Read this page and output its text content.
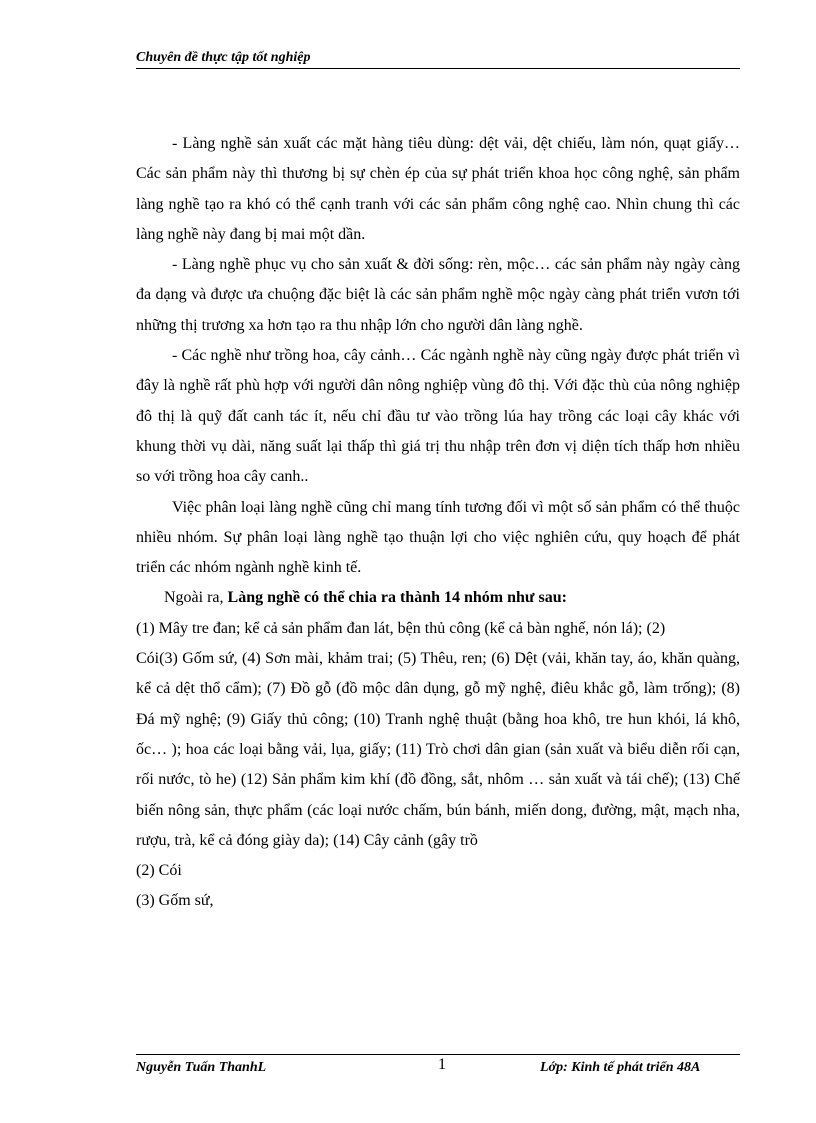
Chuyên đề thực tập tốt nghiệp

- Làng nghề sản xuất các mặt hàng tiêu dùng: dệt vải, dệt chiếu, làm nón, quạt giấy… Các sản phẩm này thì thương bị sự chèn ép của sự phát triển khoa học công nghệ, sản phẩm làng nghề tạo ra khó có thể cạnh tranh với các sản phẩm công nghệ cao. Nhìn chung thì các làng nghề này đang bị mai một dần.

- Làng nghề phục vụ cho sản xuất & đời sống: rèn, mộc… các sản phẩm này ngày càng đa dạng và được ưa chuộng đặc biệt là các sản phẩm nghề mộc ngày càng phát triển vươn tới những thị trương xa hơn tạo ra thu nhập lớn cho người dân làng nghề.

- Các nghề như trồng hoa, cây cảnh… Các ngành nghề này cũng ngày được phát triển vì đây là nghề rất phù hợp với người dân nông nghiệp vùng đô thị. Với đặc thù của nông nghiệp đô thị là quỹ đất canh tác ít, nếu chỉ đầu tư vào trồng lúa hay trồng các loại cây khác với khung thời vụ dài, năng suất lại thấp thì giá trị thu nhập trên đơn vị diện tích thấp hơn nhiều so với trồng hoa cây canh..

Việc phân loại làng nghề cũng chỉ mang tính tương đối vì một số sản phẩm có thể thuộc nhiều nhóm. Sự phân loại làng nghề tạo thuận lợi cho việc nghiên cứu, quy hoạch để phát triển các nhóm ngành nghề kinh tế.

Ngoài ra, Làng nghề có thể chia ra thành 14 nhóm như sau:

(1) Mây tre đan; kể cả sản phẩm đan lát, bện thủ công (kể cả bàn nghế, nón lá); (2)
Cói(3) Gốm sứ, (4) Sơn mài, khảm trai; (5) Thêu, ren; (6) Dệt (vải, khăn tay, áo, khăn quàng, kể cả dệt thổ cẩm); (7) Đồ gỗ (đồ mộc dân dụng, gỗ mỹ nghệ, điêu khắc gỗ, làm trống); (8) Đá mỹ nghệ; (9) Giấy thủ công; (10) Tranh nghệ thuật (bằng hoa khô, tre hun khói, lá khô, ốc… ); hoa các loại bằng vải, lụa, giấy; (11) Trò chơi dân gian (sản xuất và biểu diễn rối cạn, rối nước, tò he) (12) Sản phẩm kim khí (đồ đồng, sắt, nhôm … sản xuất và tái chế); (13) Chế biến nông sản, thực phẩm (các loại nước chấm, bún bánh, miến dong, đường, mật, mạch nha, rượu, trà, kể cả đóng giày da); (14) Cây cảnh (gây trồ

(2) Cói

(3) Gốm sứ,

Nguyễn Tuấn ThanhL	1	Lớp: Kinh tế phát triển 48A
